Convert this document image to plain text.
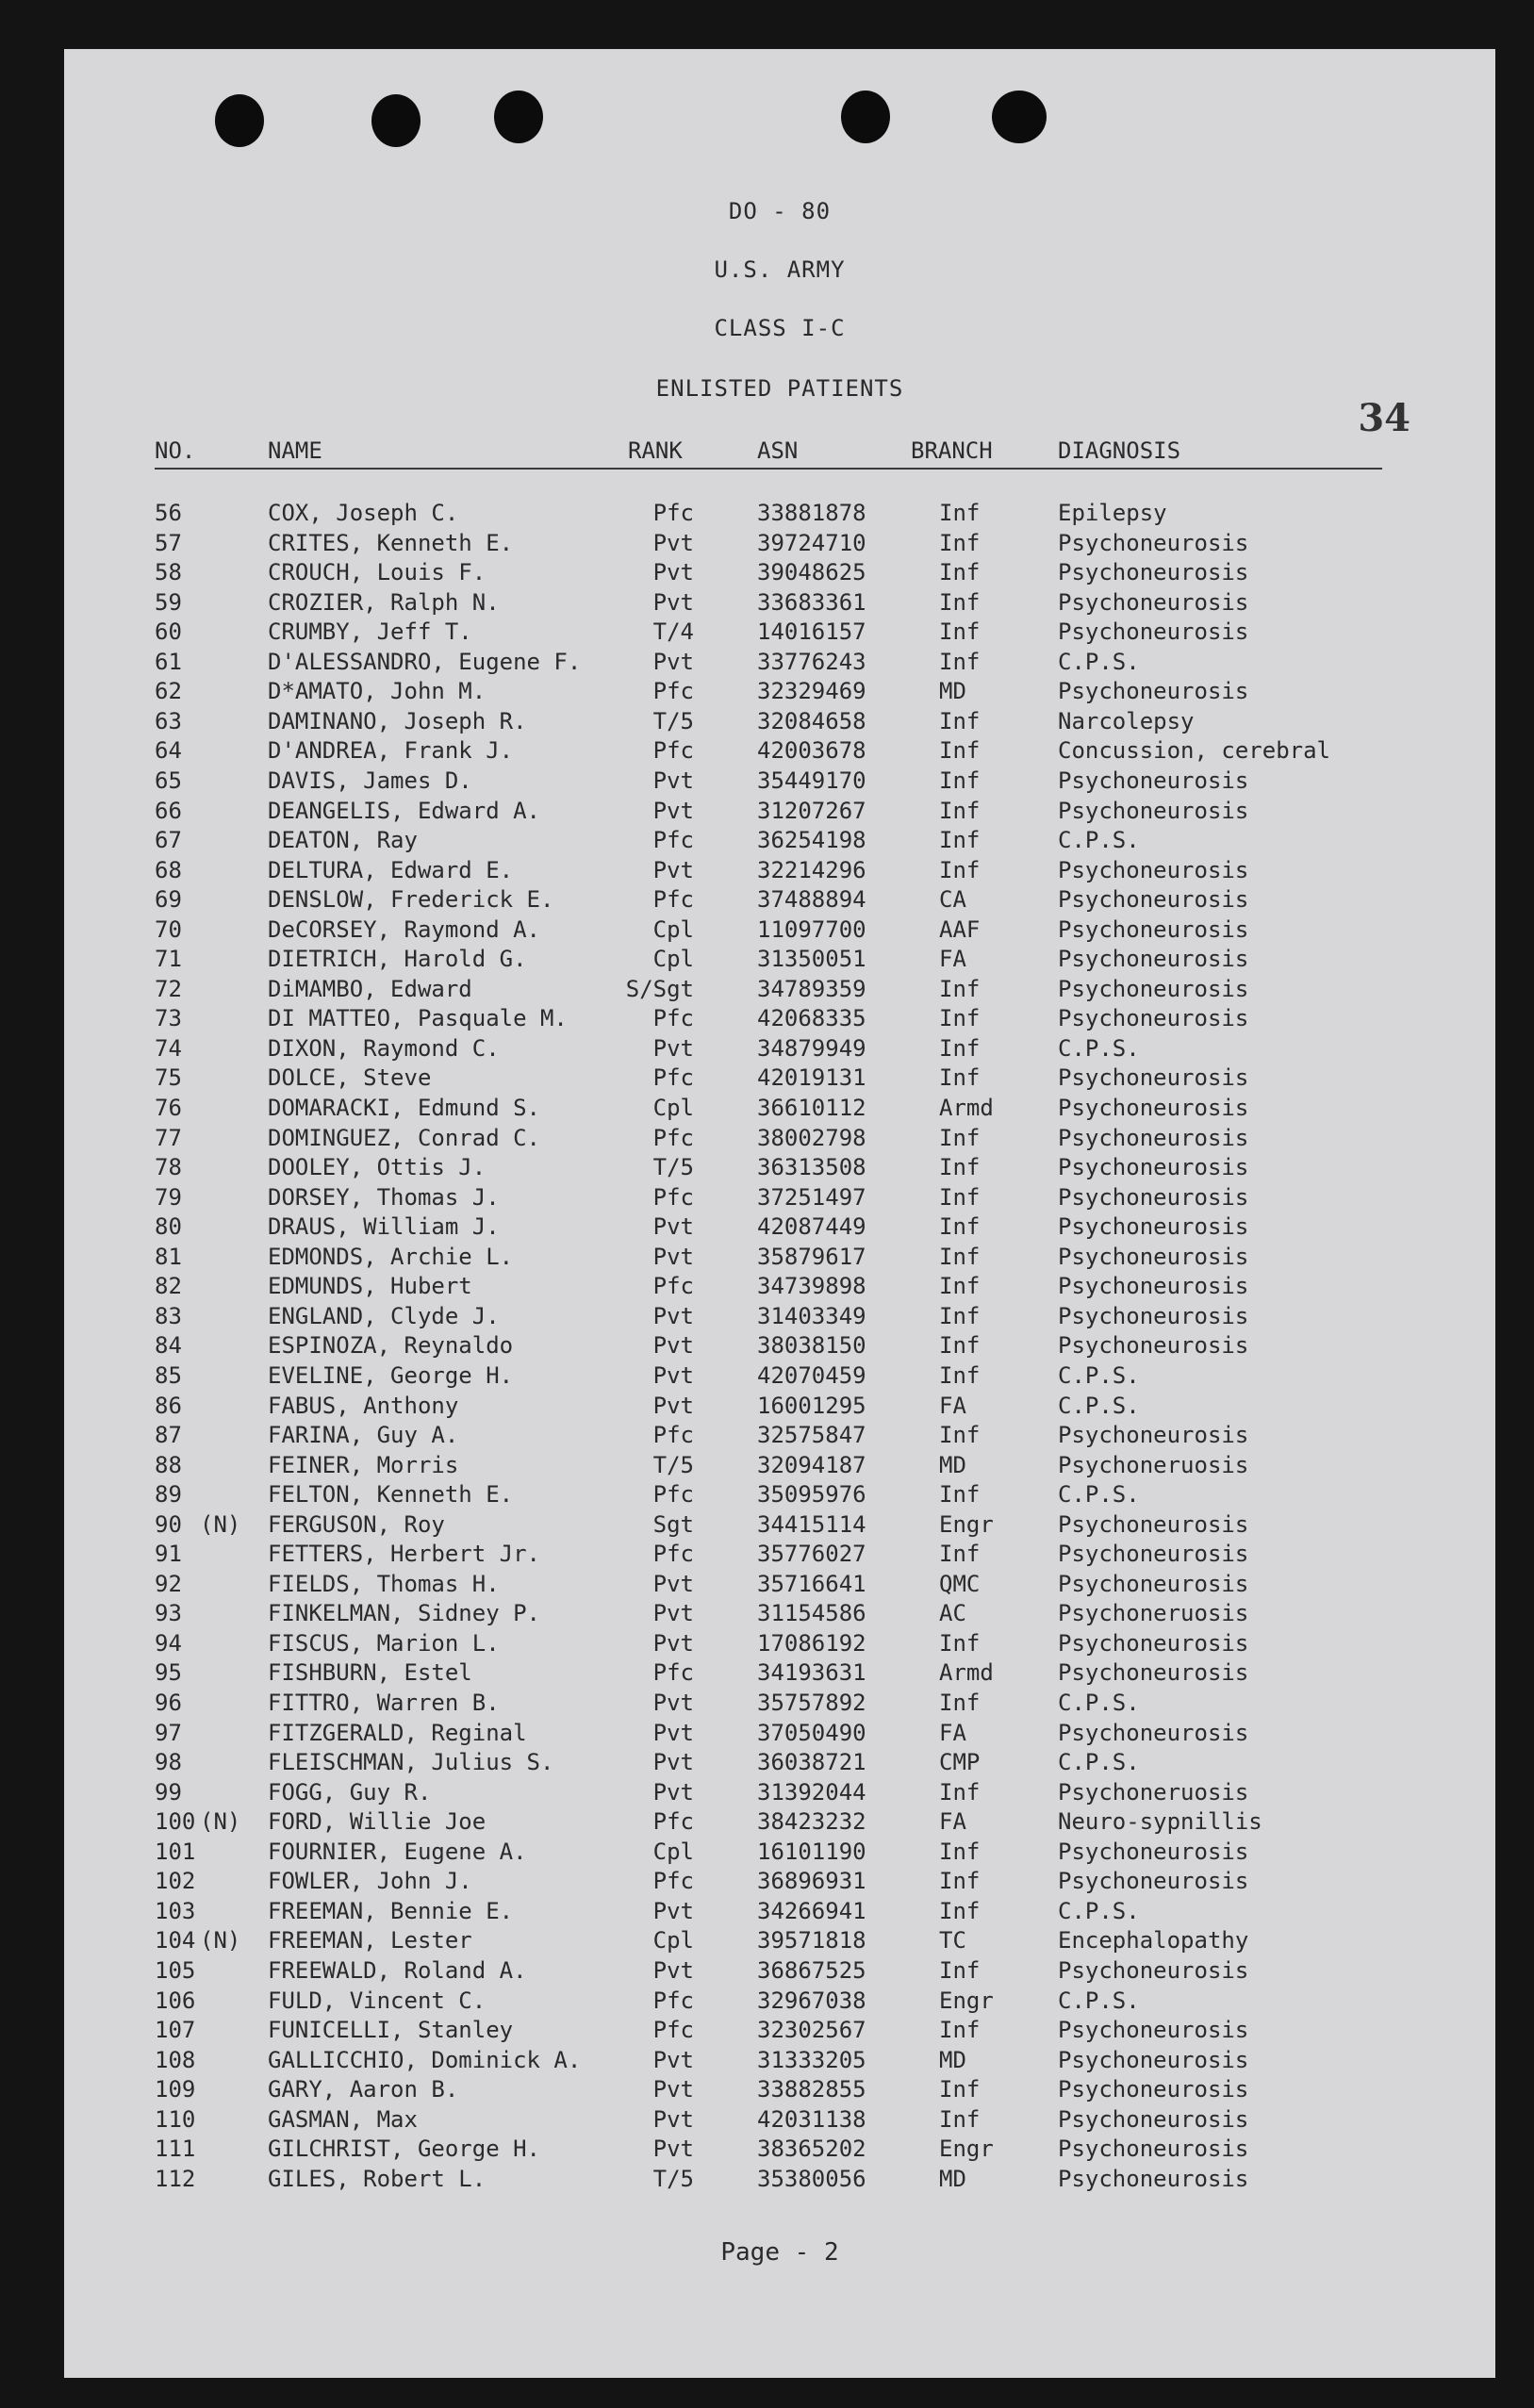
DO - 80
U.S. ARMY
CLASS I-C
ENLISTED PATIENTS
34
NO.	NAME	RANK	ASN	BRANCH	DIAGNOSIS
56	COX, Joseph C.	Pfc	33881878	Inf	Epilepsy
57	CRITES, Kenneth E.	Pvt	39724710	Inf	Psychoneurosis
58	CROUCH, Louis F.	Pvt	39048625	Inf	Psychoneurosis
59	CROZIER, Ralph N.	Pvt	33683361	Inf	Psychoneurosis
60	CRUMBY, Jeff T.	T/4	14016157	Inf	Psychoneurosis
61	D'ALESSANDRO, Eugene F.	Pvt	33776243	Inf	C.P.S.
62	D*AMATO, John M.	Pfc	32329469	MD	Psychoneurosis
63	DAMINANO, Joseph R.	T/5	32084658	Inf	Narcolepsy
64	D'ANDREA, Frank J.	Pfc	42003678	Inf	Concussion, cerebral
65	DAVIS, James D.	Pvt	35449170	Inf	Psychoneurosis
66	DEANGELIS, Edward A.	Pvt	31207267	Inf	Psychoneurosis
67	DEATON, Ray	Pfc	36254198	Inf	C.P.S.
68	DELTURA, Edward E.	Pvt	32214296	Inf	Psychoneurosis
69	DENSLOW, Frederick E.	Pfc	37488894	CA	Psychoneurosis
70	DeCORSEY, Raymond A.	Cpl	11097700	AAF	Psychoneurosis
71	DIETRICH, Harold G.	Cpl	31350051	FA	Psychoneurosis
72	DiMAMBO, Edward	S/Sgt	34789359	Inf	Psychoneurosis
73	DI MATTEO, Pasquale M.	Pfc	42068335	Inf	Psychoneurosis
74	DIXON, Raymond C.	Pvt	34879949	Inf	C.P.S.
75	DOLCE, Steve	Pfc	42019131	Inf	Psychoneurosis
76	DOMARACKI, Edmund S.	Cpl	36610112	Armd	Psychoneurosis
77	DOMINGUEZ, Conrad C.	Pfc	38002798	Inf	Psychoneurosis
78	DOOLEY, Ottis J.	T/5	36313508	Inf	Psychoneurosis
79	DORSEY, Thomas J.	Pfc	37251497	Inf	Psychoneurosis
80	DRAUS, William J.	Pvt	42087449	Inf	Psychoneurosis
81	EDMONDS, Archie L.	Pvt	35879617	Inf	Psychoneurosis
82	EDMUNDS, Hubert	Pfc	34739898	Inf	Psychoneurosis
83	ENGLAND, Clyde J.	Pvt	31403349	Inf	Psychoneurosis
84	ESPINOZA, Reynaldo	Pvt	38038150	Inf	Psychoneurosis
85	EVELINE, George H.	Pvt	42070459	Inf	C.P.S.
86	FABUS, Anthony	Pvt	16001295	FA	C.P.S.
87	FARINA, Guy A.	Pfc	32575847	Inf	Psychoneurosis
88	FEINER, Morris	T/5	32094187	MD	Psychoneruosis
89	FELTON, Kenneth E.	Pfc	35095976	Inf	C.P.S.
90 (N) FERGUSON, Roy	Sgt	34415114	Engr	Psychoneurosis
91	FETTERS, Herbert Jr.	Pfc	35776027	Inf	Psychoneurosis
92	FIELDS, Thomas H.	Pvt	35716641	QMC	Psychoneurosis
93	FINKELMAN, Sidney P.	Pvt	31154586	AC	Psychoneruosis
94	FISCUS, Marion L.	Pvt	17086192	Inf	Psychoneurosis
95	FISHBURN, Estel	Pfc	34193631	Armd	Psychoneurosis
96	FITTRO, Warren B.	Pvt	35757892	Inf	C.P.S.
97	FITZGERALD, Reginal	Pvt	37050490	FA	Psychoneurosis
98	FLEISCHMAN, Julius S.	Pvt	36038721	CMP	C.P.S.
99	FOGG, Guy R.	Pvt	31392044	Inf	Psychoneruosis
100 (N) FORD, Willie Joe	Pfc	38423232	FA	Neuro-sypnillis
101	FOURNIER, Eugene A.	Cpl	16101190	Inf	Psychoneurosis
102	FOWLER, John J.	Pfc	36896931	Inf	Psychoneurosis
103	FREEMAN, Bennie E.	Pvt	34266941	Inf	C.P.S.
104 (N) FREEMAN, Lester	Cpl	39571818	TC	Encephalopathy
105	FREEWALD, Roland A.	Pvt	36867525	Inf	Psychoneurosis
106	FULD, Vincent C.	Pfc	32967038	Engr	C.P.S.
107	FUNICELLI, Stanley	Pfc	32302567	Inf	Psychoneurosis
108	GALLICCHIO, Dominick A.	Pvt	31333205	MD	Psychoneurosis
109	GARY, Aaron B.	Pvt	33882855	Inf	Psychoneurosis
110	GASMAN, Max	Pvt	42031138	Inf	Psychoneurosis
111	GILCHRIST, George H.	Pvt	38365202	Engr	Psychoneurosis
112	GILES, Robert L.	T/5	35380056	MD	Psychoneurosis
Page - 2
